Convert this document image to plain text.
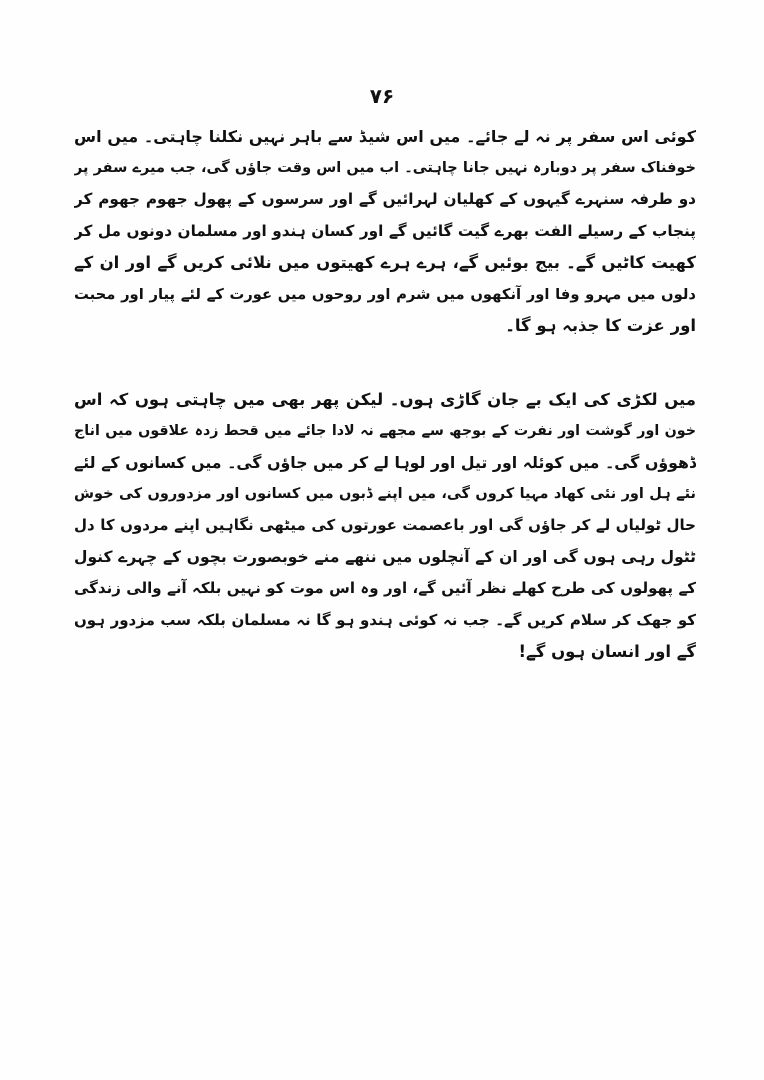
۷۶
کوئی اس سفر پر نہ لے جائے۔ میں اس شیڈ سے باہر نہیں نکلنا چاہتی۔ میں اس
خوفناک سفر پر دوبارہ نہیں جانا چاہتی۔ اب میں اس وقت جاؤں گی، جب میرے سفر پر
دو طرفہ سنہرے گیہوں کے کھلیان لہرائیں گے اور سرسوں کے پھول جھوم جھوم کر
پنجاب کے رسیلے الفت بھرے گیت گائیں گے اور کسان ہندو اور مسلمان دونوں مل کر
کھیت کاٹیں گے۔ بیج بوئیں گے، ہرے ہرے کھیتوں میں نلائی کریں گے اور ان کے
دلوں میں مہرو وفا اور آنکھوں میں شرم اور روحوں میں عورت کے لئے پیار اور محبت
اور عزت کا جذبہ ہو گا۔
میں لکڑی کی ایک بے جان گاڑی ہوں۔ لیکن پھر بھی میں چاہتی ہوں کہ اس
خون اور گوشت اور نفرت کے بوجھ سے مجھے نہ لادا جائے میں قحط زدہ علاقوں میں اناج
ڈھوؤں گی۔ میں کوئلہ اور تیل اور لوہا لے کر میں جاؤں گی۔ میں کسانوں کے لئے
نئے ہل اور نئی کھاد مہیا کروں گی، میں اپنے ڈبوں میں کسانوں اور مزدوروں کی خوش
حال ٹولیاں لے کر جاؤں گی اور باعصمت عورتوں کی میٹھی نگاہیں اپنے مردوں کا دل
ٹٹول رہی ہوں گی اور ان کے آنچلوں میں ننھے منے خوبصورت بچوں کے چہرے کنول
کے پھولوں کی طرح کھلے نظر آئیں گے، اور وہ اس موت کو نہیں بلکہ آنے والی زندگی
کو جھک کر سلام کریں گے۔ جب نہ کوئی ہندو ہو گا نہ مسلمان بلکہ سب مزدور ہوں
گے اور انسان ہوں گے!
